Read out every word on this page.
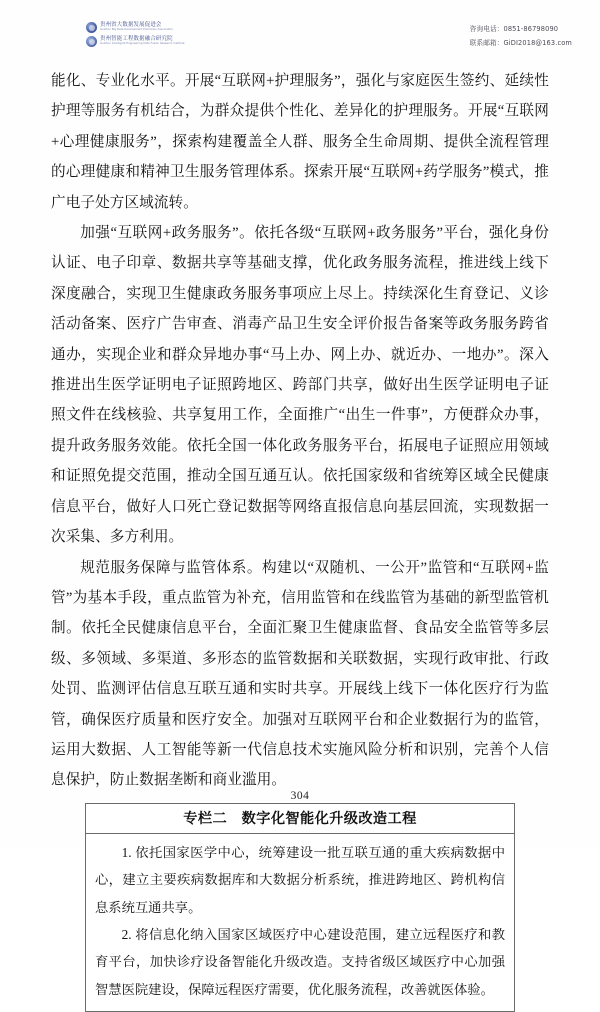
贵州省大数据发展促进会
Guizhou Big Data Development Promotion Association
贵州智能工程数据融合研究院
Guizhou Intelligent Engineering Data Fusion Research Institute
咨询电话：0851-86798090
联系邮箱：GiDI2018@163.com

能化、专业化水平。开展“互联网+护理服务”，强化与家庭医生签约、延续性护理等服务有机结合，为群众提供个性化、差异化的护理服务。开展“互联网+心理健康服务”，探索构建覆盖全人群、服务全生命周期、提供全流程管理的心理健康和精神卫生服务管理体系。探索开展“互联网+药学服务”模式，推广电子处方区域流转。

加强“互联网+政务服务”。依托各级“互联网+政务服务”平台，强化身份认证、电子印章、数据共享等基础支撑，优化政务服务流程，推进线上线下深度融合，实现卫生健康政务服务事项应上尽上。持续深化生育登记、义诊活动备案、医疗广告审查、消毒产品卫生安全评价报告备案等政务服务跨省通办，实现企业和群众异地办事“马上办、网上办、就近办、一地办”。深入推进出生医学证明电子证照跨地区、跨部门共享，做好出生医学证明电子证照文件在线核验、共享复用工作，全面推广“出生一件事”，方便群众办事，提升政务服务效能。依托全国一体化政务服务平台，拓展电子证照应用领域和证照免提交范围，推动全国互通互认。依托国家级和省统筹区域全民健康信息平台，做好人口死亡登记数据等网络直报信息向基层回流，实现数据一次采集、多方利用。

规范服务保障与监管体系。构建以“双随机、一公开”监管和“互联网+监管”为基本手段，重点监管为补充，信用监管和在线监管为基础的新型监管机制。依托全民健康信息平台，全面汇聚卫生健康监督、食品安全监管等多层级、多领域、多渠道、多形态的监管数据和关联数据，实现行政审批、行政处罚、监测评估信息互联互通和实时共享。开展线上线下一体化医疗行为监管，确保医疗质量和医疗安全。加强对互联网平台和企业数据行为的监管，运用大数据、人工智能等新一代信息技术实施风险分析和识别，完善个人信息保护，防止数据垄断和商业滥用。

专栏二　数字化智能化升级改造工程

1. 依托国家医学中心，统筹建设一批互联互通的重大疾病数据中心，建立主要疾病数据库和大数据分析系统，推进跨地区、跨机构信息系统互通共享。

2. 将信息化纳入国家区域医疗中心建设范围，建立远程医疗和教育平台，加快诊疗设备智能化升级改造。支持省级区域医疗中心加强智慧医院建设，保障远程医疗需要，优化服务流程，改善就医体验。

304
